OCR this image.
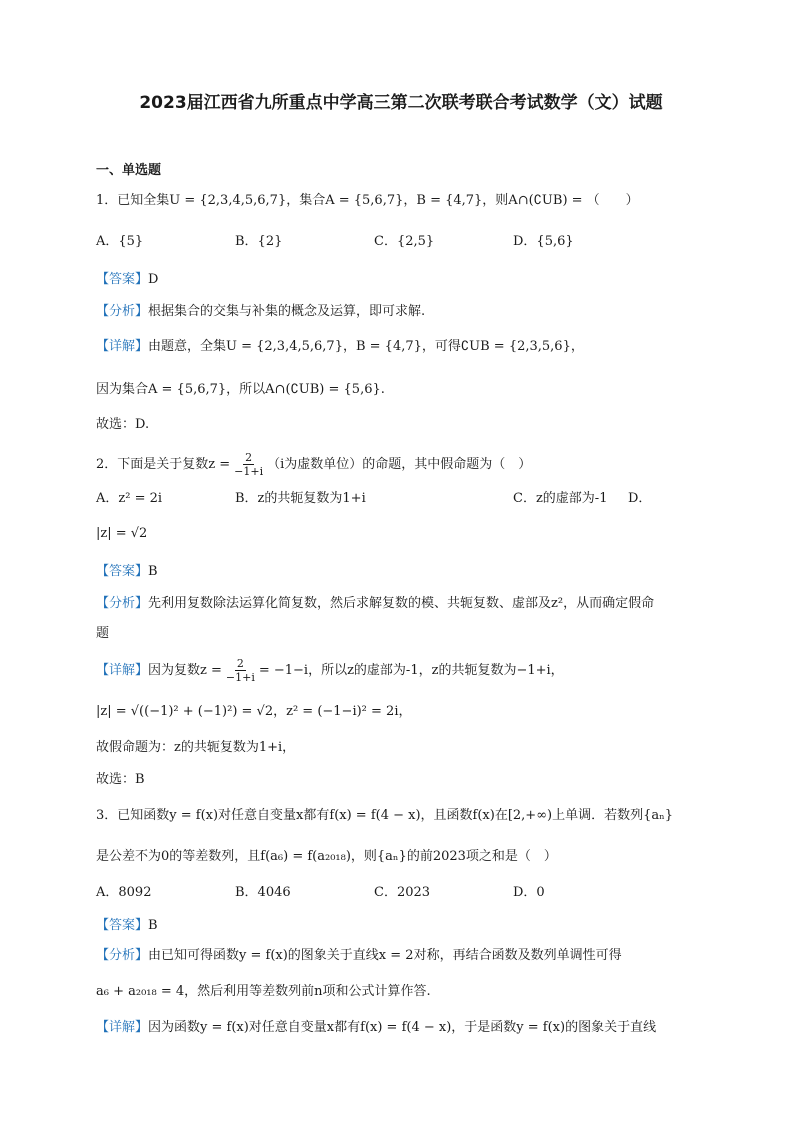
2023届江西省九所重点中学高三第二次联考联合考试数学（文）试题
一、单选题
1．已知全集U = {2,3,4,5,6,7}，集合A = {5,6,7}，B = {4,7}，则A∩(∁UB) = （　　）
A．{5}	B．{2}	C．{2,5}	D．{5,6}
【答案】D
【分析】根据集合的交集与补集的概念及运算，即可求解.
【详解】由题意，全集U = {2,3,4,5,6,7}，B = {4,7}，可得∁UB = {2,3,5,6}，
因为集合A = {5,6,7}，所以A∩(∁UB) = {5,6}.
故选：D.
2．下面是关于复数$z = \frac{2}{-1+i} (i$为虚数单位）的命题，其中假命题为（　）
A．z² = 2i	B．z的共轭复数为1+i	C．z的虚部为-1 D．
|z| = √2
【答案】B
【分析】先利用复数除法运算化简复数，然后求解复数的模、共轭复数、虚部及z²，从而确定假命
题
【详解】因为复数$z = \frac{2}{-1+i} = -1-i$，所以z的虚部为-1，z的共轭复数为−1+i，
|z| = √((−1)² + (−1)²) = √2，z² = (−1−i)² = 2i，
故假命题为：z的共轭复数为1+i，
故选：B
3．已知函数y = f(x)对任意自变量x都有f(x) = f(4 − x)，且函数f(x)在[2,+∞)上单调．若数列{aₙ}
是公差不为0的等差数列，且f(a₆) = f(a₂₀₁₈)，则{aₙ}的前2023项之和是（　）
A．8092	B．4046	C．2023	D．0
【答案】B
【分析】由已知可得函数y = f(x)的图象关于直线x = 2对称，再结合函数及数列单调性可得
a₆ + a₂₀₁₈ = 4，然后利用等差数列前n项和公式计算作答.
【详解】因为函数y = f(x)对任意自变量x都有f(x) = f(4 − x)，于是函数y = f(x)的图象关于直线
